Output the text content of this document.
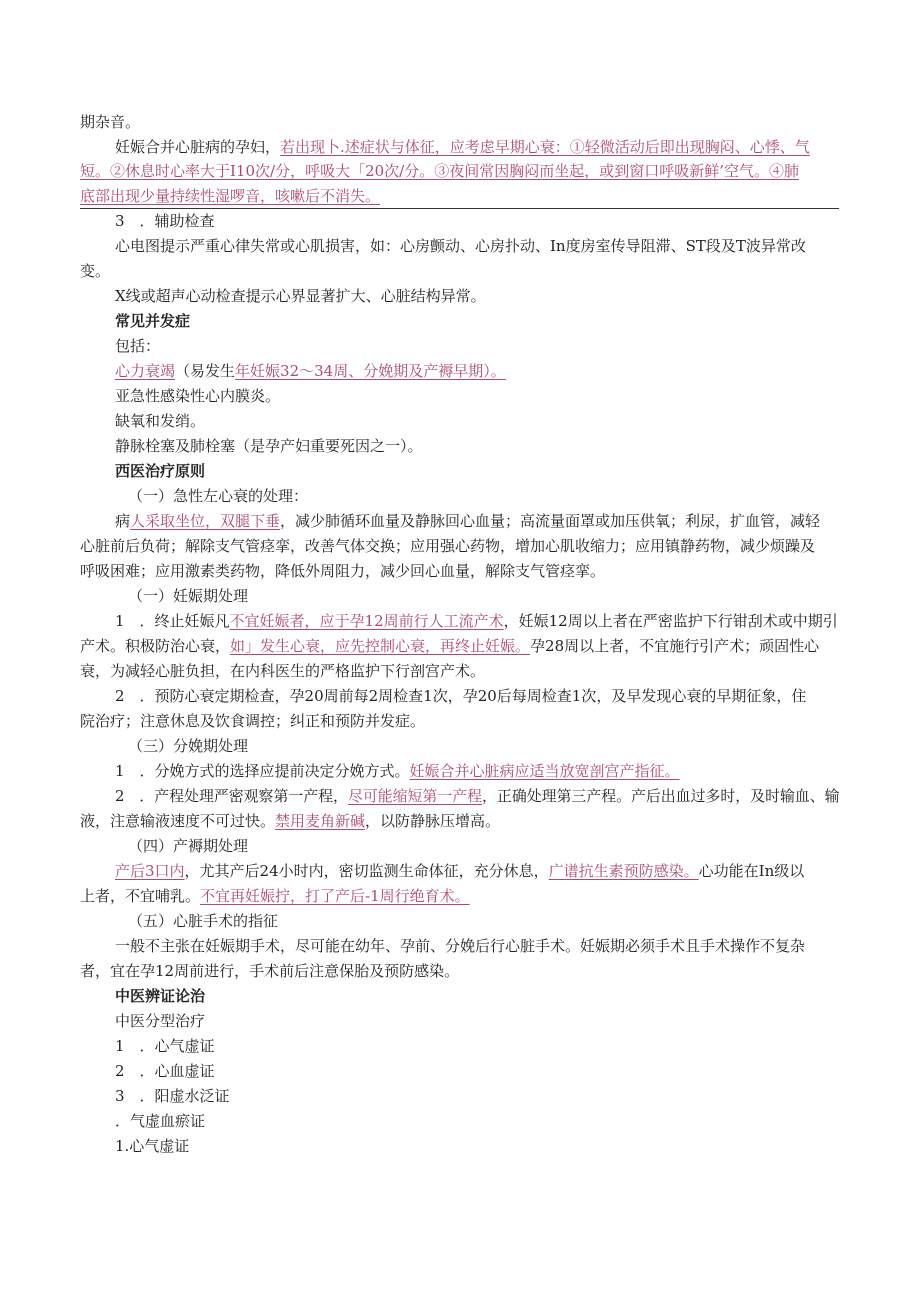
期杂音。
妊娠合并心脏病的孕妇，若出现卜.述症状与体征，应考虑早期心衰：①轻微活动后即出现胸闷、心悸、气
短。②休息时心率大于I10次/分，呼吸大「20次/分。③夜间常因胸闷而坐起，或到窗口呼吸新鲜’空气。④肺
底部出现少量持续性湿啰音，咳嗽后不消失。
3　．辅助检查
心电图提示严重心律失常或心肌损害，如：心房颤动、心房扑动、In度房室传导阻滞、ST段及T波异常改
变。
X线或超声心动检查提示心界显著扩大、心脏结构异常。
常见并发症
包括：
心力衰竭（易发生年妊娠32～34周、分娩期及产褥早期）。
亚急性感染性心内膜炎。
缺氧和发绡。
静脉栓塞及肺栓塞（是孕产妇重要死因之一）。
西医治疗原则
（一）急性左心衰的处理：
病人采取坐位，双腿下垂，减少肺循环血量及静脉回心血量；高流量面罩或加压供氧；利尿，扩血管，减轻
心脏前后负荷；解除支气管痉挛，改善气体交换；应用强心药物，增加心肌收缩力；应用镇静药物，减少烦躁及
呼吸困难；应用激素类药物，降低外周阻力，减少回心血量，解除支气管痉挛。
（一）妊娠期处理
1　．终止妊娠凡不宜妊娠者，应于孕12周前行人工流产术，妊娠12周以上者在严密监护下行钳刮术或中期引
产术。积极防治心衰，如」发生心衰，应先控制心衰，再终止妊娠。孕28周以上者，不宜施行引产术；顽固性心
衰，为减轻心脏负担，在内科医生的严格监护下行剖宫产术。
2　．预防心衰定期检查，孕20周前每2周检查1次，孕20后每周检查1次，及早发现心衰的早期征象，住
院治疗；注意休息及饮食调控；纠正和预防并发症。
（三）分娩期处理
1　．分娩方式的选择应提前决定分娩方式。妊娠合并心脏病应适当放宽剖宫产指征。
2　．产程处理严密观察第一产程，尽可能缩短第一产程，正确处理第三产程。产后出血过多时，及时输血、输
液，注意输液速度不可过快。禁用麦角新碱，以防静脉压增高。
（四）产褥期处理
产后3口内，尤其产后24小时内，密切监测生命体征，充分休息，广谱抗生素预防感染。心功能在In级以
上者，不宜哺乳。不宜再妊娠拧，打了产后-1周行绝育术。
（五）心脏手术的指征
一般不主张在妊娠期手术，尽可能在幼年、孕前、分娩后行心脏手术。妊娠期必须手术且手术操作不复杂
者，宜在孕12周前进行，手术前后注意保胎及预防感染。
中医辨证论治
中医分型治疗
1　．心气虚证
2　．心血虚证
3　．阳虚水泛证
．气虚血瘀证
1.心气虚证
